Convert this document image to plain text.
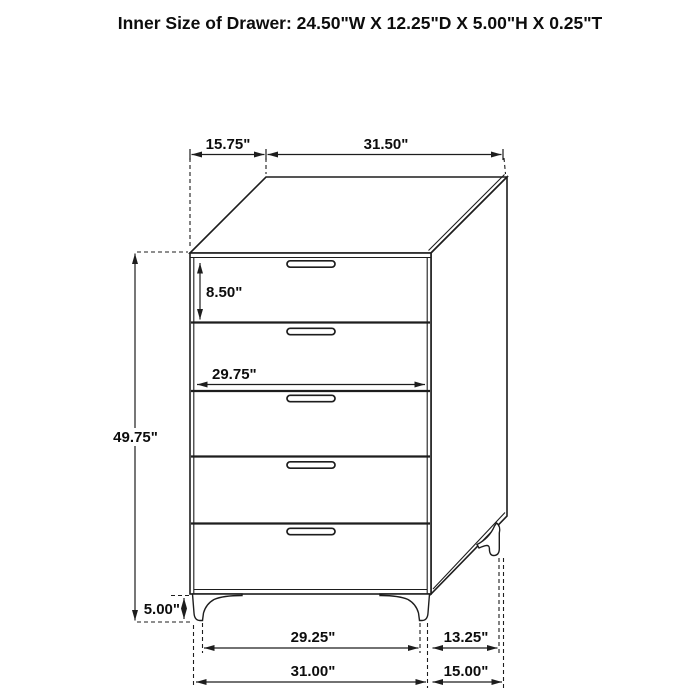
Inner Size of Drawer: 24.50"W X 12.25"D X 5.00"H X 0.25"T
15.75"	31.50"
49.75"
8.50"
29.75"
5.00"
29.25"	13.25"
31.00"	15.00"
